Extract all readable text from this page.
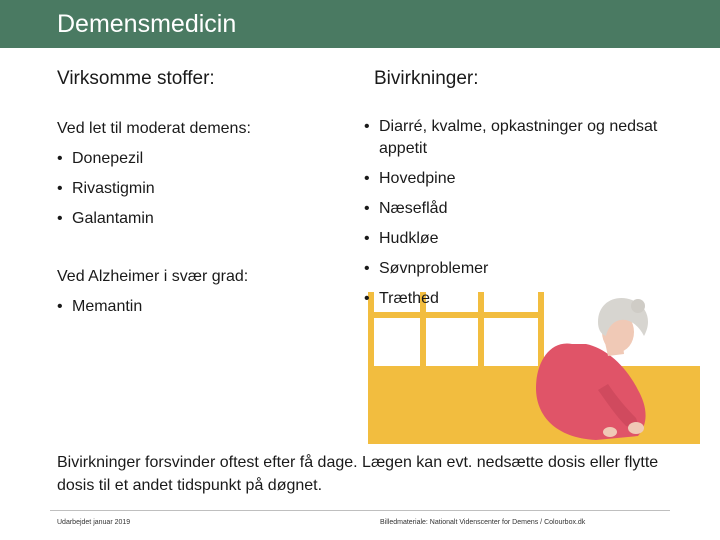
Demensmedicin
Virksomme stoffer:
Ved let til moderat demens:
• Donepezil
• Rivastigmin
• Galantamin
Ved Alzheimer i svær grad:
• Memantin
Bivirkninger:
• Diarré, kvalme, opkastninger og nedsat appetit
• Hovedpine
• Næseflåd
• Hudkløe
• Søvnproblemer
• Træthed
Bivirkninger forsvinder oftest efter få dage. Lægen kan evt. nedsætte dosis eller flytte dosis til et andet tidspunkt på døgnet.
Udarbejdet januar 2019	Billedmateriale: Nationalt Videnscenter for Demens / Colourbox.dk
